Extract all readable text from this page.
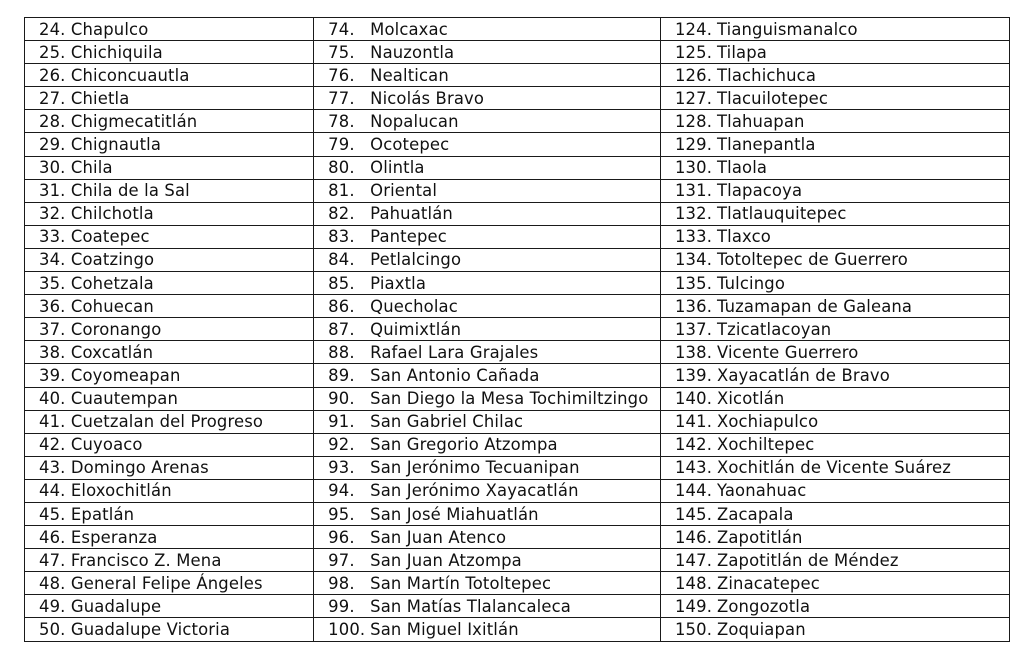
24. Chapulco	74. Molcaxac	124. Tianguismanalco
25. Chichiquila	75. Nauzontla	125. Tilapa
26. Chiconcuautla	76. Nealtican	126. Tlachichuca
27. Chietla	77. Nicolás Bravo	127. Tlacuilotepec
28. Chigmecatitlán	78. Nopalucan	128. Tlahuapan
29. Chignautla	79. Ocotepec	129. Tlanepantla
30. Chila	80. Olintla	130. Tlaola
31. Chila de la Sal	81. Oriental	131. Tlapacoya
32. Chilchotla	82. Pahuatlán	132. Tlatlauquitepec
33. Coatepec	83. Pantepec	133. Tlaxco
34. Coatzingo	84. Petlalcingo	134. Totoltepec de Guerrero
35. Cohetzala	85. Piaxtla	135. Tulcingo
36. Cohuecan	86. Quecholac	136. Tuzamapan de Galeana
37. Coronango	87. Quimixtlán	137. Tzicatlacoyan
38. Coxcatlán	88. Rafael Lara Grajales	138. Vicente Guerrero
39. Coyomeapan	89. San Antonio Cañada	139. Xayacatlán de Bravo
40. Cuautempan	90. San Diego la Mesa Tochimiltzingo	140. Xicotlán
41. Cuetzalan del Progreso	91. San Gabriel Chilac	141. Xochiapulco
42. Cuyoaco	92. San Gregorio Atzompa	142. Xochiltepec
43. Domingo Arenas	93. San Jerónimo Tecuanipan	143. Xochitlán de Vicente Suárez
44. Eloxochitlán	94. San Jerónimo Xayacatlán	144. Yaonahuac
45. Epatlán	95. San José Miahuatlán	145. Zacapala
46. Esperanza	96. San Juan Atenco	146. Zapotitlán
47. Francisco Z. Mena	97. San Juan Atzompa	147. Zapotitlán de Méndez
48. General Felipe Ángeles	98. San Martín Totoltepec	148. Zinacatepec
49. Guadalupe	99. San Matías Tlalancaleca	149. Zongozotla
50. Guadalupe Victoria	100. San Miguel Ixitlán	150. Zoquiapan
